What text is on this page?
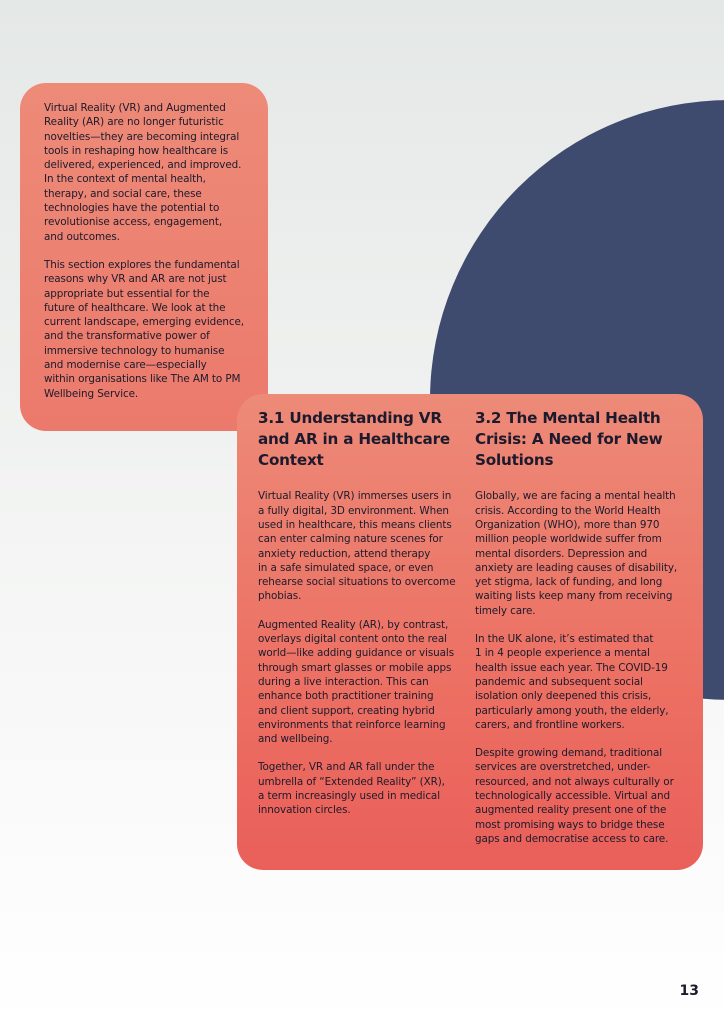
Virtual Reality (VR) and Augmented
Reality (AR) are no longer futuristic
novelties—they are becoming integral
tools in reshaping how healthcare is
delivered, experienced, and improved.
In the context of mental health,
therapy, and social care, these
technologies have the potential to
revolutionise access, engagement,
and outcomes.

This section explores the fundamental
reasons why VR and AR are not just
appropriate but essential for the
future of healthcare. We look at the
current landscape, emerging evidence,
and the transformative power of
immersive technology to humanise
and modernise care—especially
within organisations like The AM to PM
Wellbeing Service.

3.1 Understanding VR
and AR in a Healthcare
Context

Virtual Reality (VR) immerses users in
a fully digital, 3D environment. When
used in healthcare, this means clients
can enter calming nature scenes for
anxiety reduction, attend therapy
in a safe simulated space, or even
rehearse social situations to overcome
phobias.

Augmented Reality (AR), by contrast,
overlays digital content onto the real
world—like adding guidance or visuals
through smart glasses or mobile apps
during a live interaction. This can
enhance both practitioner training
and client support, creating hybrid
environments that reinforce learning
and wellbeing.

Together, VR and AR fall under the
umbrella of “Extended Reality” (XR),
a term increasingly used in medical
innovation circles.

3.2 The Mental Health
Crisis: A Need for New
Solutions

Globally, we are facing a mental health
crisis. According to the World Health
Organization (WHO), more than 970
million people worldwide suffer from
mental disorders. Depression and
anxiety are leading causes of disability,
yet stigma, lack of funding, and long
waiting lists keep many from receiving
timely care.

In the UK alone, it’s estimated that
1 in 4 people experience a mental
health issue each year. The COVID-19
pandemic and subsequent social
isolation only deepened this crisis,
particularly among youth, the elderly,
carers, and frontline workers.

Despite growing demand, traditional
services are overstretched, under-
resourced, and not always culturally or
technologically accessible. Virtual and
augmented reality present one of the
most promising ways to bridge these
gaps and democratise access to care.

13
